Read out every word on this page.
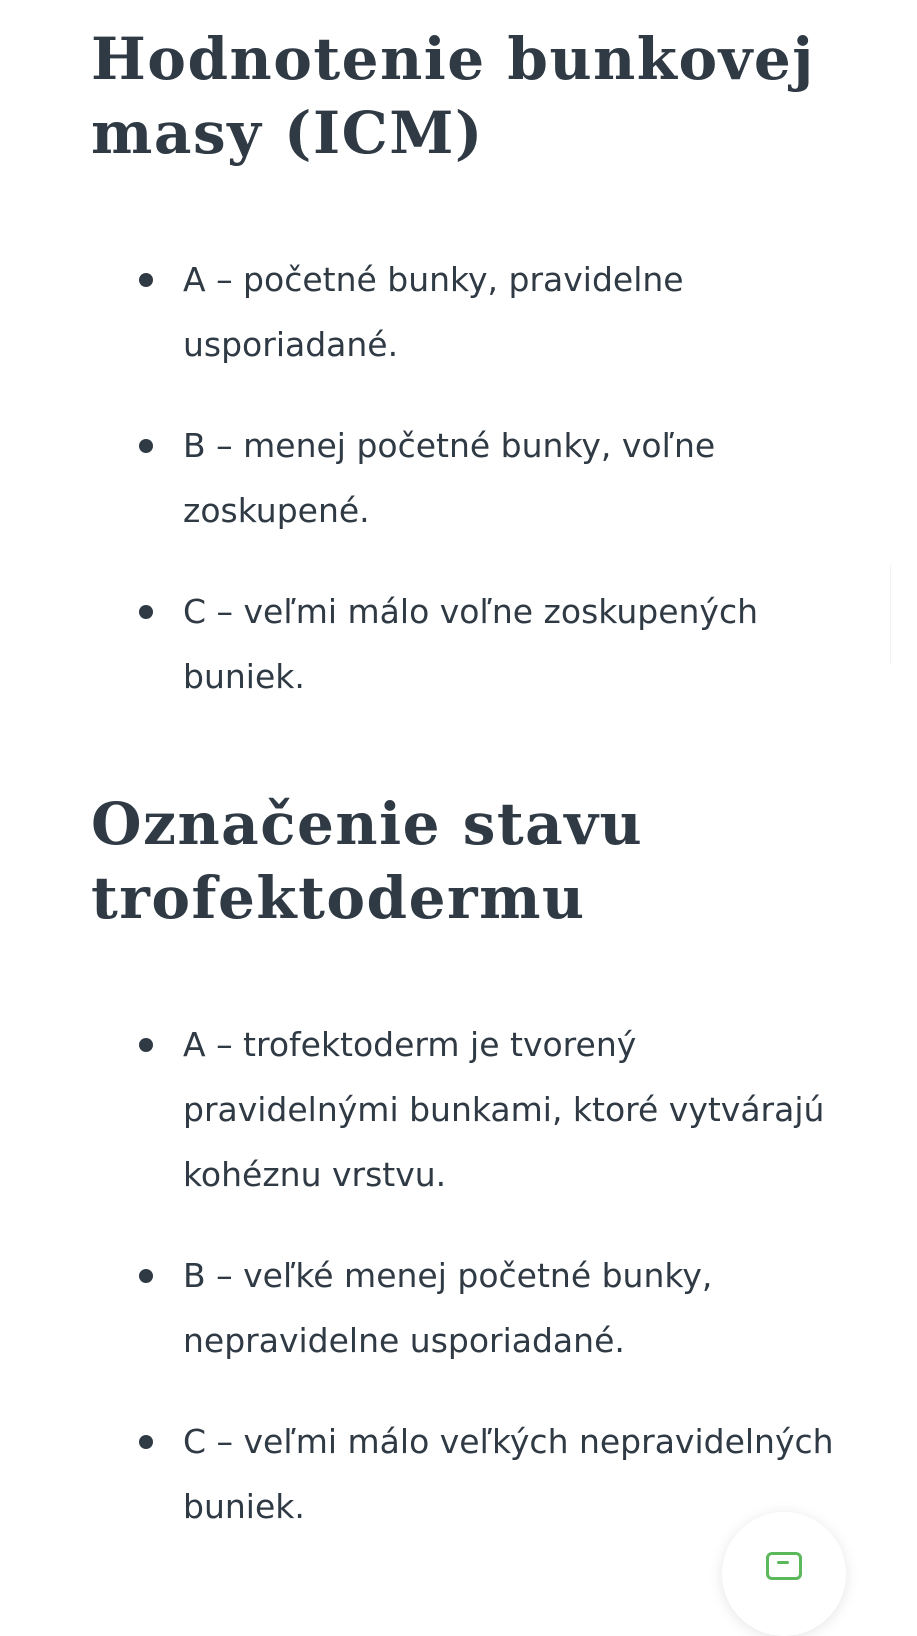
Hodnotenie bunkovej masy (ICM)
A – početné bunky, pravidelne usporiadané.
B – menej početné bunky, voľne zoskupené.
C – veľmi málo voľne zoskupených buniek.
Označenie stavu trofektodermu
A – trofektoderm je tvorený pravidelnými bunkami, ktoré vytvárajú kohéznu vrstvu.
B – veľké menej početné bunky, nepravidelne usporiadané.
C – veľmi málo veľkých nepravidelných buniek.
